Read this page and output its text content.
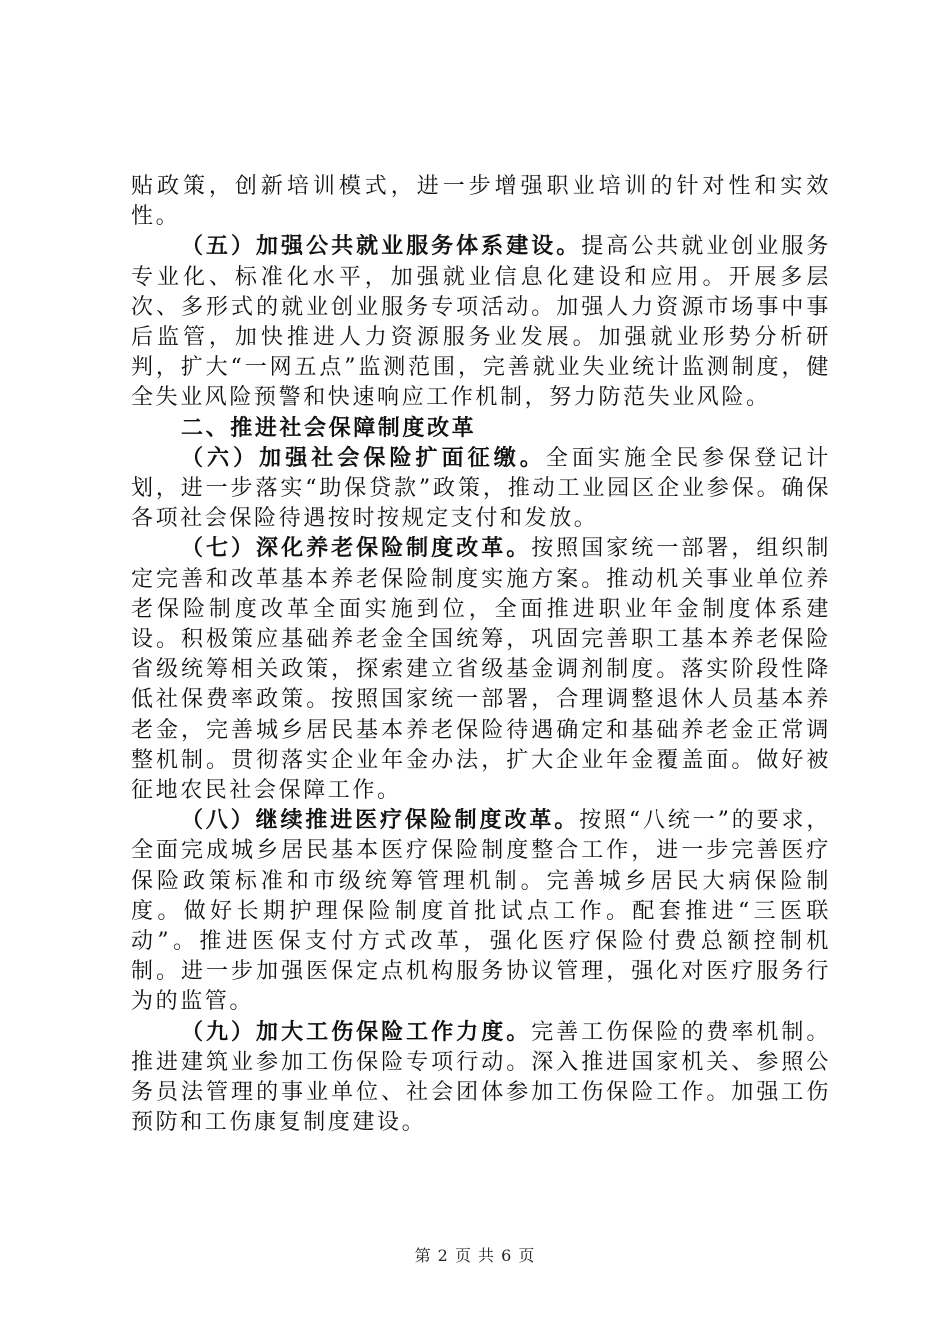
贴政策，创新培训模式，进一步增强职业培训的针对性和实效性。

（五）加强公共就业服务体系建设。提高公共就业创业服务专业化、标准化水平，加强就业信息化建设和应用。开展多层次、多形式的就业创业服务专项活动。加强人力资源市场事中事后监管，加快推进人力资源服务业发展。加强就业形势分析研判，扩大“一网五点”监测范围，完善就业失业统计监测制度，健全失业风险预警和快速响应工作机制，努力防范失业风险。

二、推进社会保障制度改革

（六）加强社会保险扩面征缴。全面实施全民参保登记计划，进一步落实“助保贷款”政策，推动工业园区企业参保。确保各项社会保险待遇按时按规定支付和发放。

（七）深化养老保险制度改革。按照国家统一部署，组织制定完善和改革基本养老保险制度实施方案。推动机关事业单位养老保险制度改革全面实施到位，全面推进职业年金制度体系建设。积极策应基础养老金全国统筹，巩固完善职工基本养老保险省级统筹相关政策，探索建立省级基金调剂制度。落实阶段性降低社保费率政策。按照国家统一部署，合理调整退休人员基本养老金，完善城乡居民基本养老保险待遇确定和基础养老金正常调整机制。贯彻落实企业年金办法，扩大企业年金覆盖面。做好被征地农民社会保障工作。

（八）继续推进医疗保险制度改革。按照“八统一”的要求，全面完成城乡居民基本医疗保险制度整合工作，进一步完善医疗保险政策标准和市级统筹管理机制。完善城乡居民大病保险制度。做好长期护理保险制度首批试点工作。配套推进“三医联动”。推进医保支付方式改革，强化医疗保险付费总额控制机制。进一步加强医保定点机构服务协议管理，强化对医疗服务行为的监管。

（九）加大工伤保险工作力度。完善工伤保险的费率机制。推进建筑业参加工伤保险专项行动。深入推进国家机关、参照公务员法管理的事业单位、社会团体参加工伤保险工作。加强工伤预防和工伤康复制度建设。

第 2 页 共 6 页
